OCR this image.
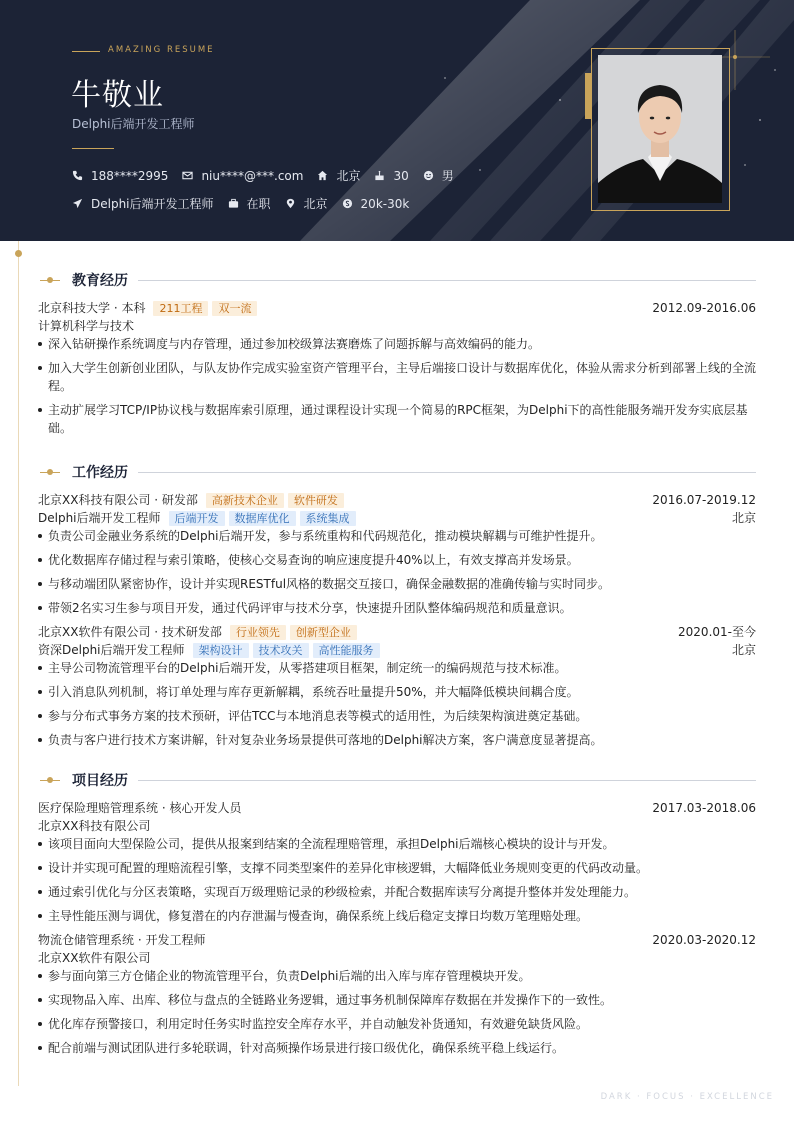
AMAZING RESUME
牛敬业
Delphi后端开发工程师
188****2995	niu****@***.com	北京	30	男
Delphi后端开发工程师	在职	北京	20k-30k
教育经历
北京科技大学 · 本科	211工程	双一流	2012.09-2016.06
计算机科学与技术
深入钻研操作系统调度与内存管理，通过参加校级算法赛磨炼了问题拆解与高效编码的能力。
加入大学生创新创业团队，与队友协作完成实验室资产管理平台，主导后端接口设计与数据库优化，体验从需求分析到部署上线的全流程。
主动扩展学习TCP/IP协议栈与数据库索引原理，通过课程设计实现一个简易的RPC框架，为Delphi下的高性能服务端开发夯实底层基础。
工作经历
北京XX科技有限公司 · 研发部	高新技术企业	软件研发	2016.07-2019.12
Delphi后端开发工程师	后端开发	数据库优化	系统集成	北京
负责公司金融业务系统的Delphi后端开发，参与系统重构和代码规范化，推动模块解耦与可维护性提升。
优化数据库存储过程与索引策略，使核心交易查询的响应速度提升40%以上，有效支撑高并发场景。
与移动端团队紧密协作，设计并实现RESTful风格的数据交互接口，确保金融数据的准确传输与实时同步。
带领2名实习生参与项目开发，通过代码评审与技术分享，快速提升团队整体编码规范和质量意识。
北京XX软件有限公司 · 技术研发部	行业领先	创新型企业	2020.01-至今
资深Delphi后端开发工程师	架构设计	技术攻关	高性能服务	北京
主导公司物流管理平台的Delphi后端开发，从零搭建项目框架，制定统一的编码规范与技术标准。
引入消息队列机制，将订单处理与库存更新解耦，系统吞吐量提升50%，并大幅降低模块间耦合度。
参与分布式事务方案的技术预研，评估TCC与本地消息表等模式的适用性，为后续架构演进奠定基础。
负责与客户进行技术方案讲解，针对复杂业务场景提供可落地的Delphi解决方案，客户满意度显著提高。
项目经历
医疗保险理赔管理系统 · 核心开发人员	2017.03-2018.06
北京XX科技有限公司
该项目面向大型保险公司，提供从报案到结案的全流程理赔管理，承担Delphi后端核心模块的设计与开发。
设计并实现可配置的理赔流程引擎，支撑不同类型案件的差异化审核逻辑，大幅降低业务规则变更的代码改动量。
通过索引优化与分区表策略，实现百万级理赔记录的秒级检索，并配合数据库读写分离提升整体并发处理能力。
主导性能压测与调优，修复潜在的内存泄漏与慢查询，确保系统上线后稳定支撑日均数万笔理赔处理。
物流仓储管理系统 · 开发工程师	2020.03-2020.12
北京XX软件有限公司
参与面向第三方仓储企业的物流管理平台，负责Delphi后端的出入库与库存管理模块开发。
实现物品入库、出库、移位与盘点的全链路业务逻辑，通过事务机制保障库存数据在并发操作下的一致性。
优化库存预警接口，利用定时任务实时监控安全库存水平，并自动触发补货通知，有效避免缺货风险。
配合前端与测试团队进行多轮联调，针对高频操作场景进行接口级优化，确保系统平稳上线运行。
DARK · FOCUS · EXCELLENCE
